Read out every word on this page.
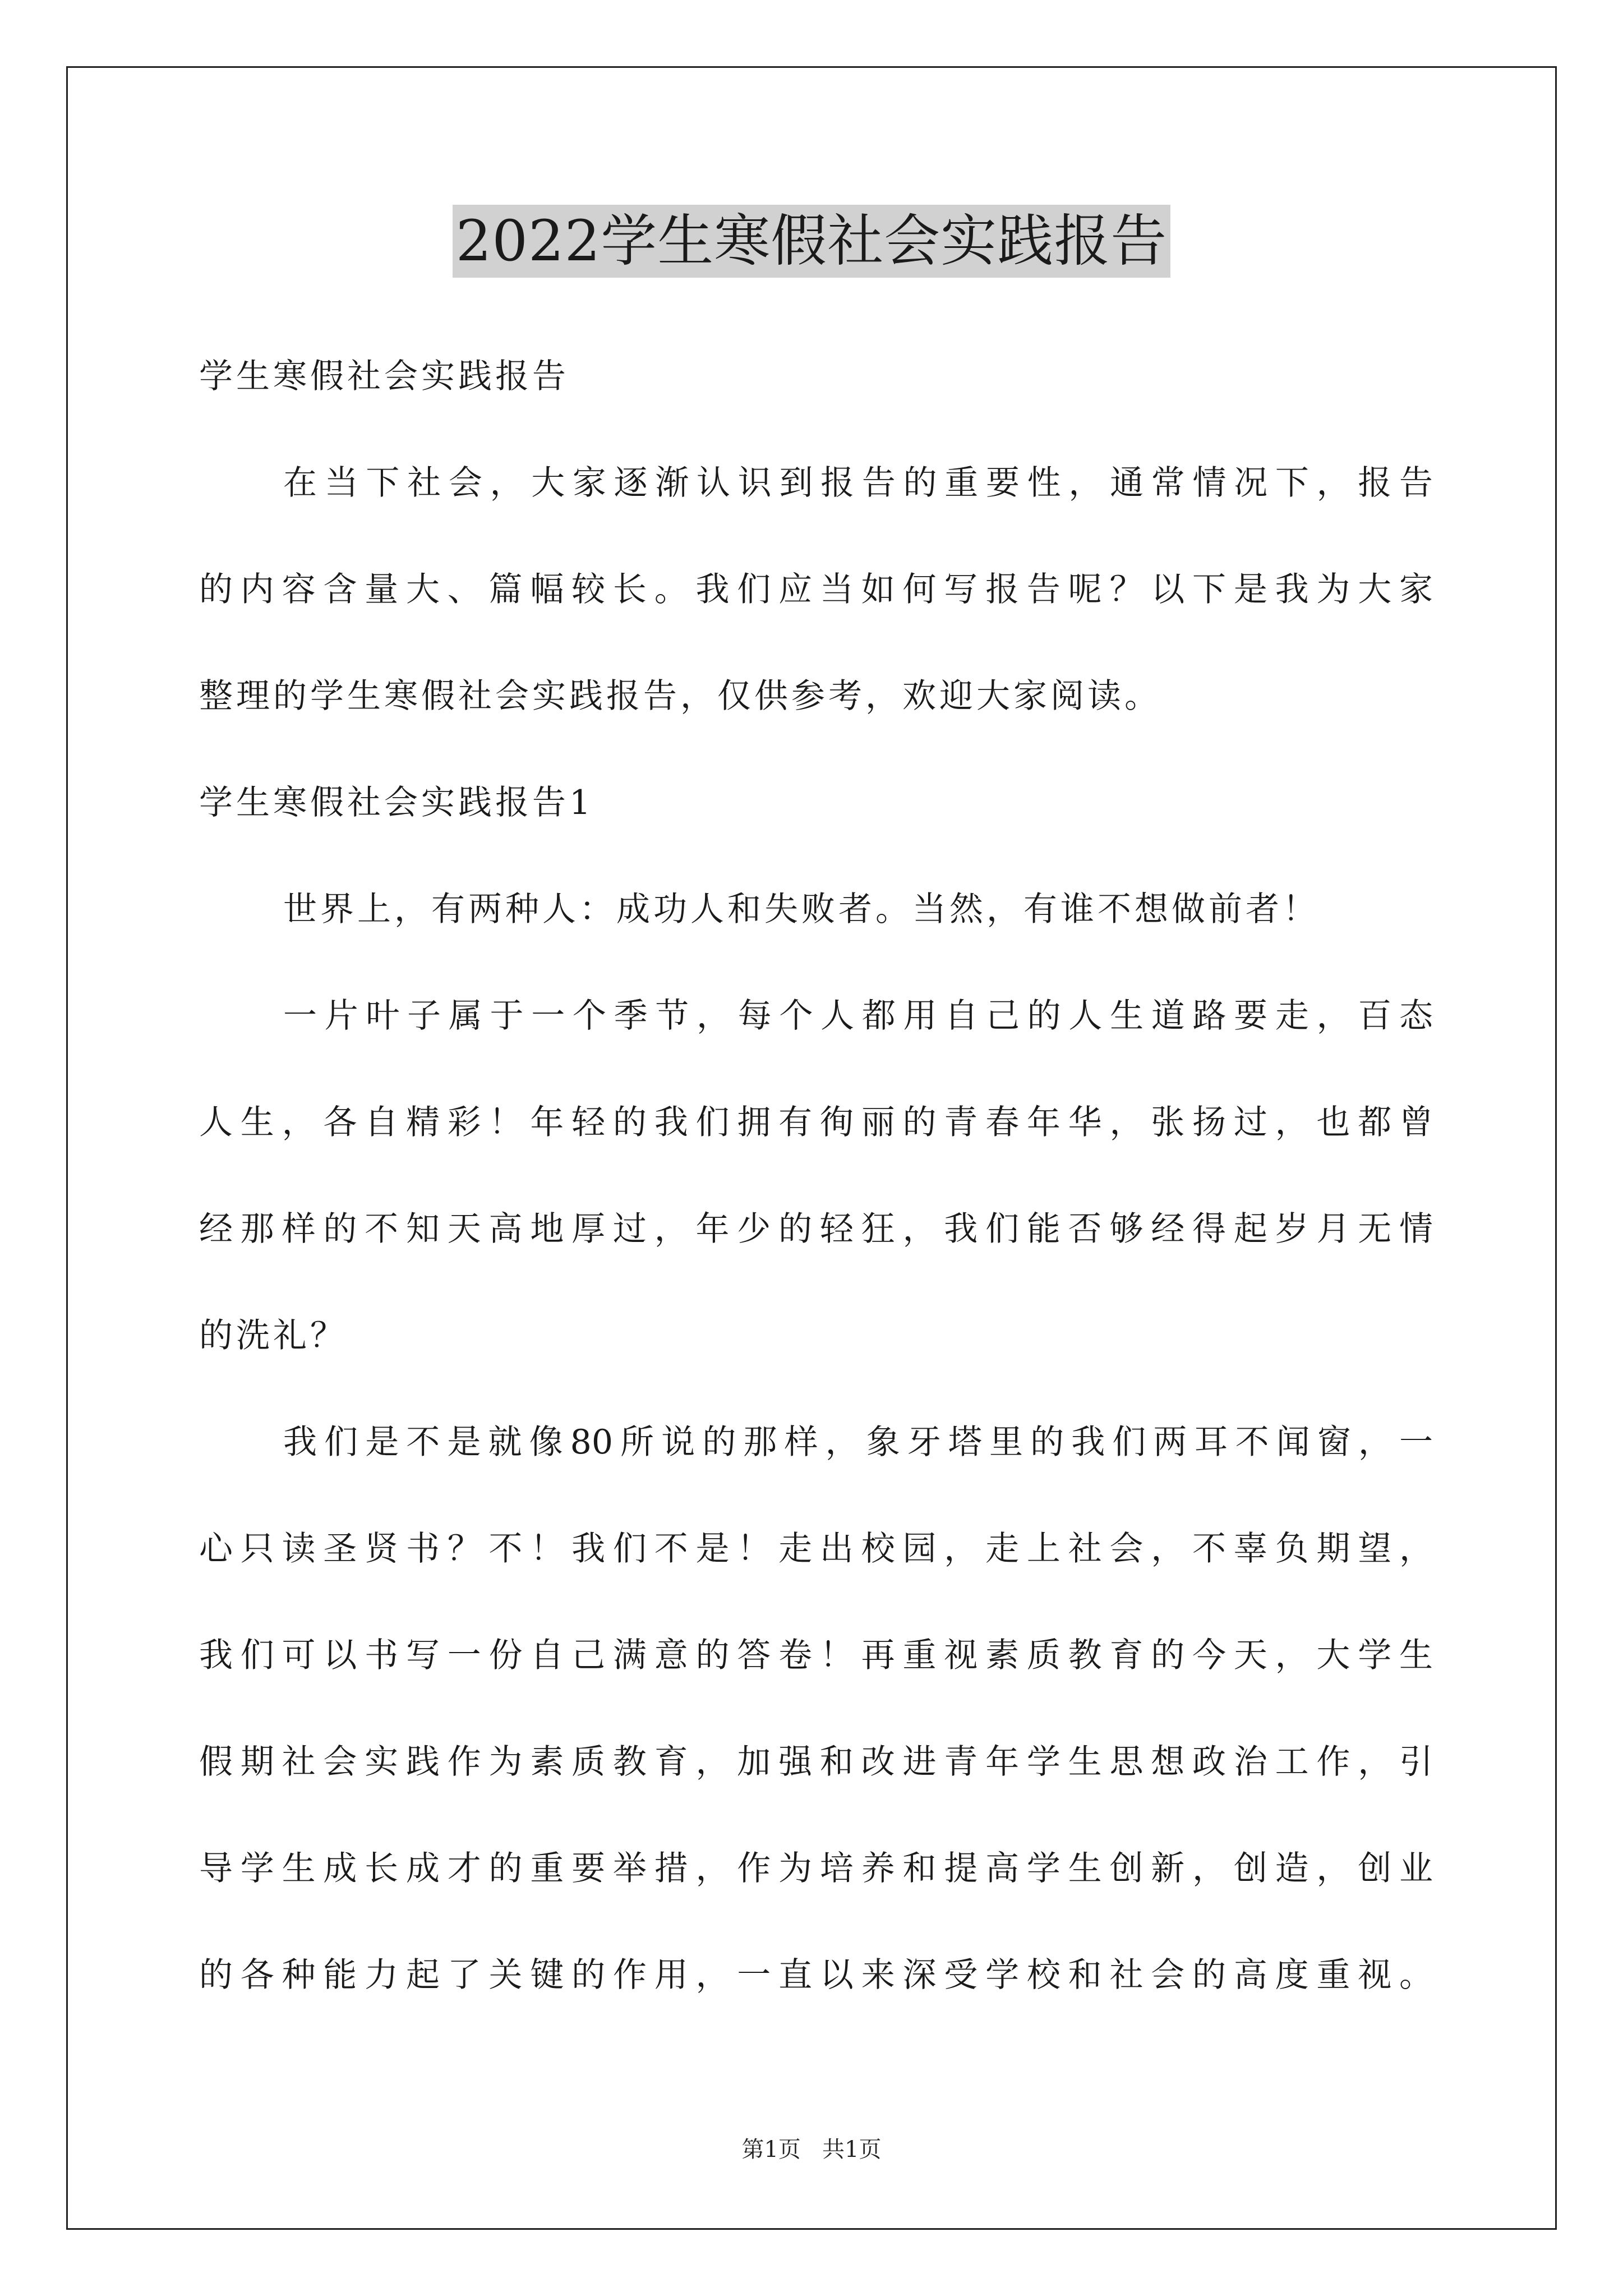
2022学生寒假社会实践报告
学生寒假社会实践报告
在当下社会，大家逐渐认识到报告的重要性，通常情况下，报告
的内容含量大、篇幅较长。我们应当如何写报告呢？以下是我为大家
整理的学生寒假社会实践报告，仅供参考，欢迎大家阅读。
学生寒假社会实践报告1
世界上，有两种人：成功人和失败者。当然，有谁不想做前者！
一片叶子属于一个季节，每个人都用自己的人生道路要走，百态
人生，各自精彩！年轻的我们拥有徇丽的青春年华，张扬过，也都曾
经那样的不知天高地厚过，年少的轻狂，我们能否够经得起岁月无情
的洗礼？
我们是不是就像80所说的那样，象牙塔里的我们两耳不闻窗，一
心只读圣贤书？不！我们不是！走出校园，走上社会，不辜负期望，
我们可以书写一份自己满意的答卷！再重视素质教育的今天，大学生
假期社会实践作为素质教育，加强和改进青年学生思想政治工作，引
导学生成长成才的重要举措，作为培养和提高学生创新，创造，创业
的各种能力起了关键的作用，一直以来深受学校和社会的高度重视。
第1页   共1页
